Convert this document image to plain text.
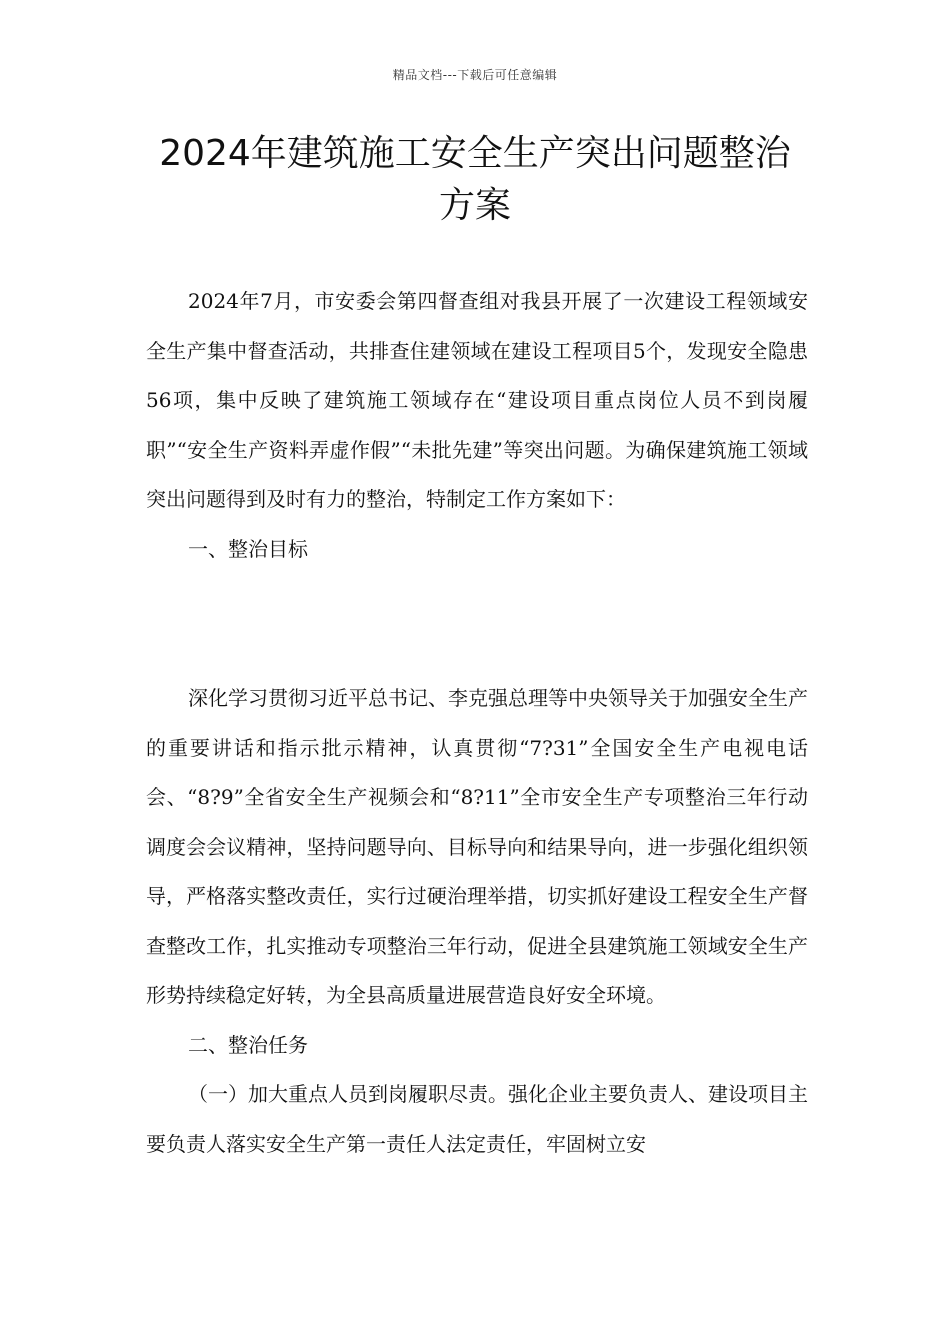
精品文档---下载后可任意编辑
2024年建筑施工安全生产突出问题整治
方案

2024年7月，市安委会第四督查组对我县开展了一次建设工程领域安全生产集中督查活动，共排查住建领域在建设工程项目5个，发现安全隐患56项，集中反映了建筑施工领域存在“建设项目重点岗位人员不到岗履职”“安全生产资料弄虚作假”“未批先建”等突出问题。为确保建筑施工领域突出问题得到及时有力的整治，特制定工作方案如下：

一、整治目标

深化学习贯彻习近平总书记、李克强总理等中央领导关于加强安全生产的重要讲话和指示批示精神，认真贯彻“7?31”全国安全生产电视电话会、“8?9”全省安全生产视频会和“8?11”全市安全生产专项整治三年行动调度会会议精神，坚持问题导向、目标导向和结果导向，进一步强化组织领导，严格落实整改责任，实行过硬治理举措，切实抓好建设工程安全生产督查整改工作，扎实推动专项整治三年行动，促进全县建筑施工领域安全生产形势持续稳定好转，为全县高质量进展营造良好安全环境。

二、整治任务

（一）加大重点人员到岗履职尽责。强化企业主要负责人、建设项目主要负责人落实安全生产第一责任人法定责任，牢固树立安
